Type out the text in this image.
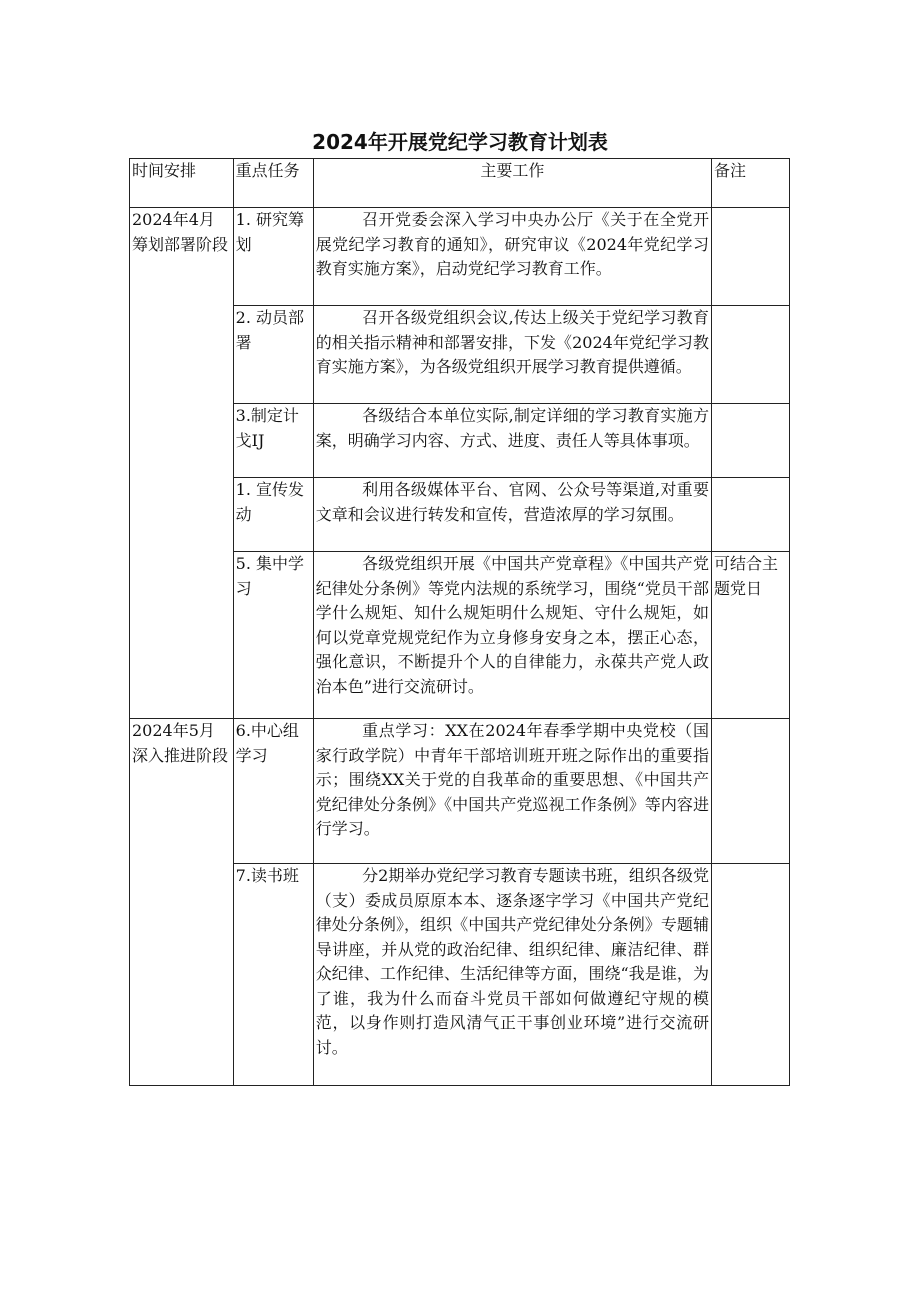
2024年开展党纪学习教育计划表
时间安排	重点任务	主要工作	备注
2024年4月筹划部署阶段	1. 研究筹划	召开党委会深入学习中央办公厅《关于在全党开展党纪学习教育的通知》，研究审议《2024年党纪学习教育实施方案》，启动党纪学习教育工作。	
	2. 动员部署	召开各级党组织会议,传达上级关于党纪学习教育的相关指示精神和部署安排，下发《2024年党纪学习教育实施方案》，为各级党组织开展学习教育提供遵循。	
	3.制定计戈IJ	各级结合本单位实际,制定详细的学习教育实施方案，明确学习内容、方式、进度、责任人等具体事项。	
	1. 宣传发动	利用各级媒体平台、官网、公众号等渠道,对重要文章和会议进行转发和宣传，营造浓厚的学习氛围。	
	5. 集中学习	各级党组织开展《中国共产党章程》《中国共产党纪律处分条例》等党内法规的系统学习，围绕“党员干部学什么规矩、知什么规矩明什么规矩、守什么规矩，如何以党章党规党纪作为立身修身安身之本，摆正心态，强化意识，不断提升个人的自律能力，永葆共产党人政治本色”进行交流研讨。	可结合主题党日
2024年5月深入推进阶段	6.中心组学习	重点学习：XX在2024年春季学期中央党校（国家行政学院）中青年干部培训班开班之际作出的重要指示；围绕XX关于党的自我革命的重要思想、《中国共产党纪律处分条例》《中国共产党巡视工作条例》等内容进行学习。	
	7.读书班	分2期举办党纪学习教育专题读书班，组织各级党（支）委成员原原本本、逐条逐字学习《中国共产党纪律处分条例》，组织《中国共产党纪律处分条例》专题辅导讲座，并从党的政治纪律、组织纪律、廉洁纪律、群众纪律、工作纪律、生活纪律等方面，围绕“我是谁，为了谁，我为什么而奋斗党员干部如何做遵纪守规的模范，以身作则打造风清气正干事创业环境”进行交流研讨。	
